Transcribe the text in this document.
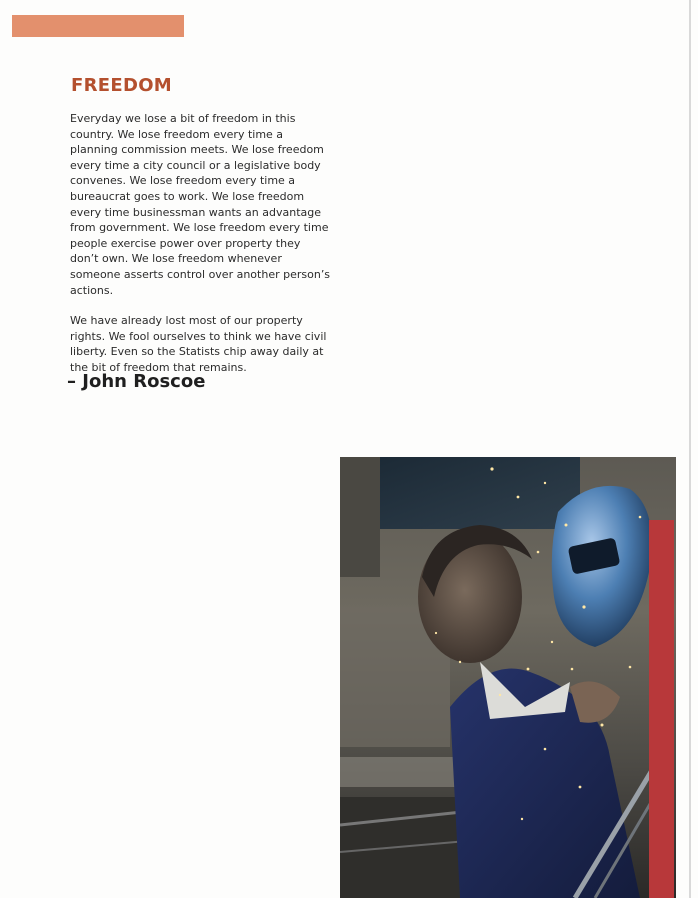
FREEDOM

Everyday we lose a bit of freedom in this country. We lose freedom every time a planning commission meets. We lose freedom every time a city council or a legislative body convenes. We lose freedom every time a bureaucrat goes to work. We lose freedom every time businessman wants an advantage from government. We lose freedom every time people exercise power over property they don’t own. We lose freedom whenever someone asserts control over another person’s actions.

We have already lost most of our property rights. We fool ourselves to think we have civil liberty. Even so the Statists chip away daily at the bit of freedom that remains.

– John Roscoe
